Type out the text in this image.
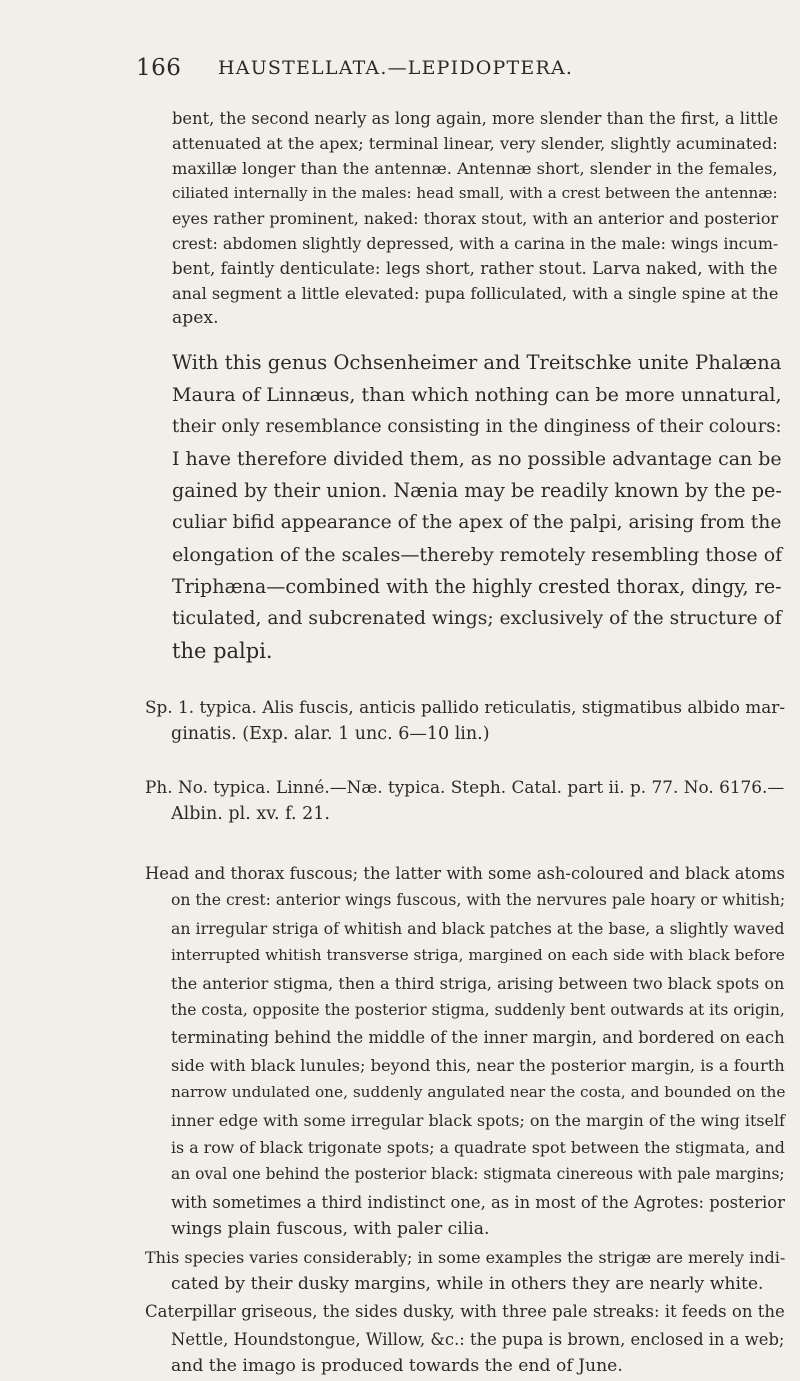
166 HAUSTELLATA.—LEPIDOPTERA.
bent, the second nearly as long again, more slender than the first, a little
attenuated at the apex; terminal linear, very slender, slightly acuminated:
maxillæ longer than the antennæ. Antennæ short, slender in the females,
ciliated internally in the males: head small, with a crest between the antennæ:
eyes rather prominent, naked: thorax stout, with an anterior and posterior
crest: abdomen slightly depressed, with a carina in the male: wings incum-
bent, faintly denticulate: legs short, rather stout. Larva naked, with the
anal segment a little elevated: pupa folliculated, with a single spine at the
apex.
With this genus Ochsenheimer and Treitschke unite Phalæna
Maura of Linnæus, than which nothing can be more unnatural,
their only resemblance consisting in the dinginess of their colours:
I have therefore divided them, as no possible advantage can be
gained by their union. Nænia may be readily known by the pe-
culiar bifid appearance of the apex of the palpi, arising from the
elongation of the scales—thereby remotely resembling those of
Triphæna—combined with the highly crested thorax, dingy, re-
ticulated, and subcrenated wings; exclusively of the structure of
the palpi.
Sp. 1. typica. Alis fuscis, anticis pallido reticulatis, stigmatibus albido mar-
ginatis. (Exp. alar. 1 unc. 6—10 lin.)
Ph. No. typica. Linné.—Næ. typica. Steph. Catal. part ii. p. 77. No. 6176.—
Albin. pl. xv. f. 21.
Head and thorax fuscous; the latter with some ash-coloured and black atoms
on the crest: anterior wings fuscous, with the nervures pale hoary or whitish;
an irregular striga of whitish and black patches at the base, a slightly waved
interrupted whitish transverse striga, margined on each side with black before
the anterior stigma, then a third striga, arising between two black spots on
the costa, opposite the posterior stigma, suddenly bent outwards at its origin,
terminating behind the middle of the inner margin, and bordered on each
side with black lunules; beyond this, near the posterior margin, is a fourth
narrow undulated one, suddenly angulated near the costa, and bounded on the
inner edge with some irregular black spots; on the margin of the wing itself
is a row of black trigonate spots; a quadrate spot between the stigmata, and
an oval one behind the posterior black: stigmata cinereous with pale margins;
with sometimes a third indistinct one, as in most of the Agrotes: posterior
wings plain fuscous, with paler cilia.
This species varies considerably; in some examples the strigæ are merely indi-
cated by their dusky margins, while in others they are nearly white.
Caterpillar griseous, the sides dusky, with three pale streaks: it feeds on the
Nettle, Houndstongue, Willow, &c.: the pupa is brown, enclosed in a web;
and the imago is produced towards the end of June.
